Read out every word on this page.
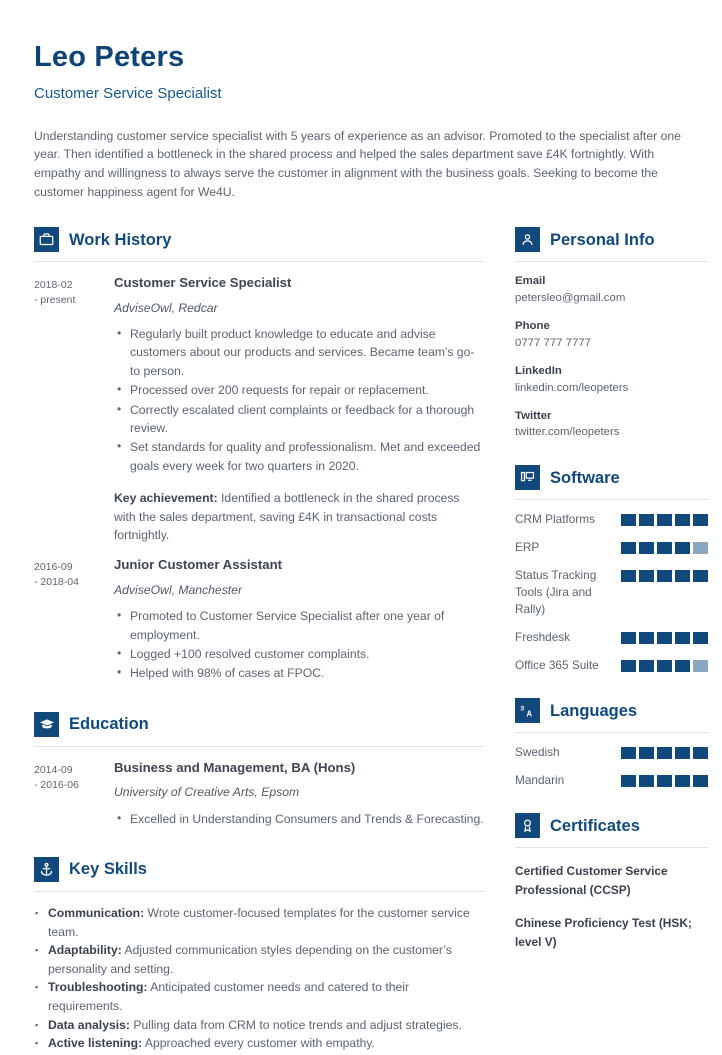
Leo Peters
Customer Service Specialist

Understanding customer service specialist with 5 years of experience as an advisor. Promoted to the specialist after one year. Then identified a bottleneck in the shared process and helped the sales department save £4K fortnightly. With empathy and willingness to always serve the customer in alignment with the business goals. Seeking to become the customer happiness agent for We4U.

Work History
2018-02
- present
Customer Service Specialist
AdviseOwl, Redcar
• Regularly built product knowledge to educate and advise customers about our products and services. Became team's go-to person.
• Processed over 200 requests for repair or replacement.
• Correctly escalated client complaints or feedback for a thorough review.
• Set standards for quality and professionalism. Met and exceeded goals every week for two quarters in 2020.

Key achievement: Identified a bottleneck in the shared process with the sales department, saving £4K in transactional costs fortnightly.

2016-09
- 2018-04
Junior Customer Assistant
AdviseOwl, Manchester
• Promoted to Customer Service Specialist after one year of employment.
• Logged +100 resolved customer complaints.
• Helped with 98% of cases at FPOC.
Education
2014-09
- 2016-06
Business and Management, BA (Hons)
University of Creative Arts, Epsom
• Excelled in Understanding Consumers and Trends & Forecasting.
Key Skills
▪ Communication: Wrote customer-focused templates for the customer service team.
▪ Adaptability: Adjusted communication styles depending on the customer’s personality and setting.
▪ Troubleshooting: Anticipated customer needs and catered to their requirements.
▪ Data analysis: Pulling data from CRM to notice trends and adjust strategies.
▪ Active listening: Approached every customer with empathy.
Personal Info
Email
petersleo@gmail.com
Phone
0777 777 7777
LinkedIn
linkedin.com/leopeters
Twitter
twitter.com/leopeters
Software
CRM Platforms
ERP
Status Tracking Tools (Jira and Rally)
Freshdesk
Office 365 Suite
ﾖ
A Languages
Swedish
Mandarin
Certificates
Certified Customer Service Professional (CCSP)
Chinese Proficiency Test (HSK; level V)
